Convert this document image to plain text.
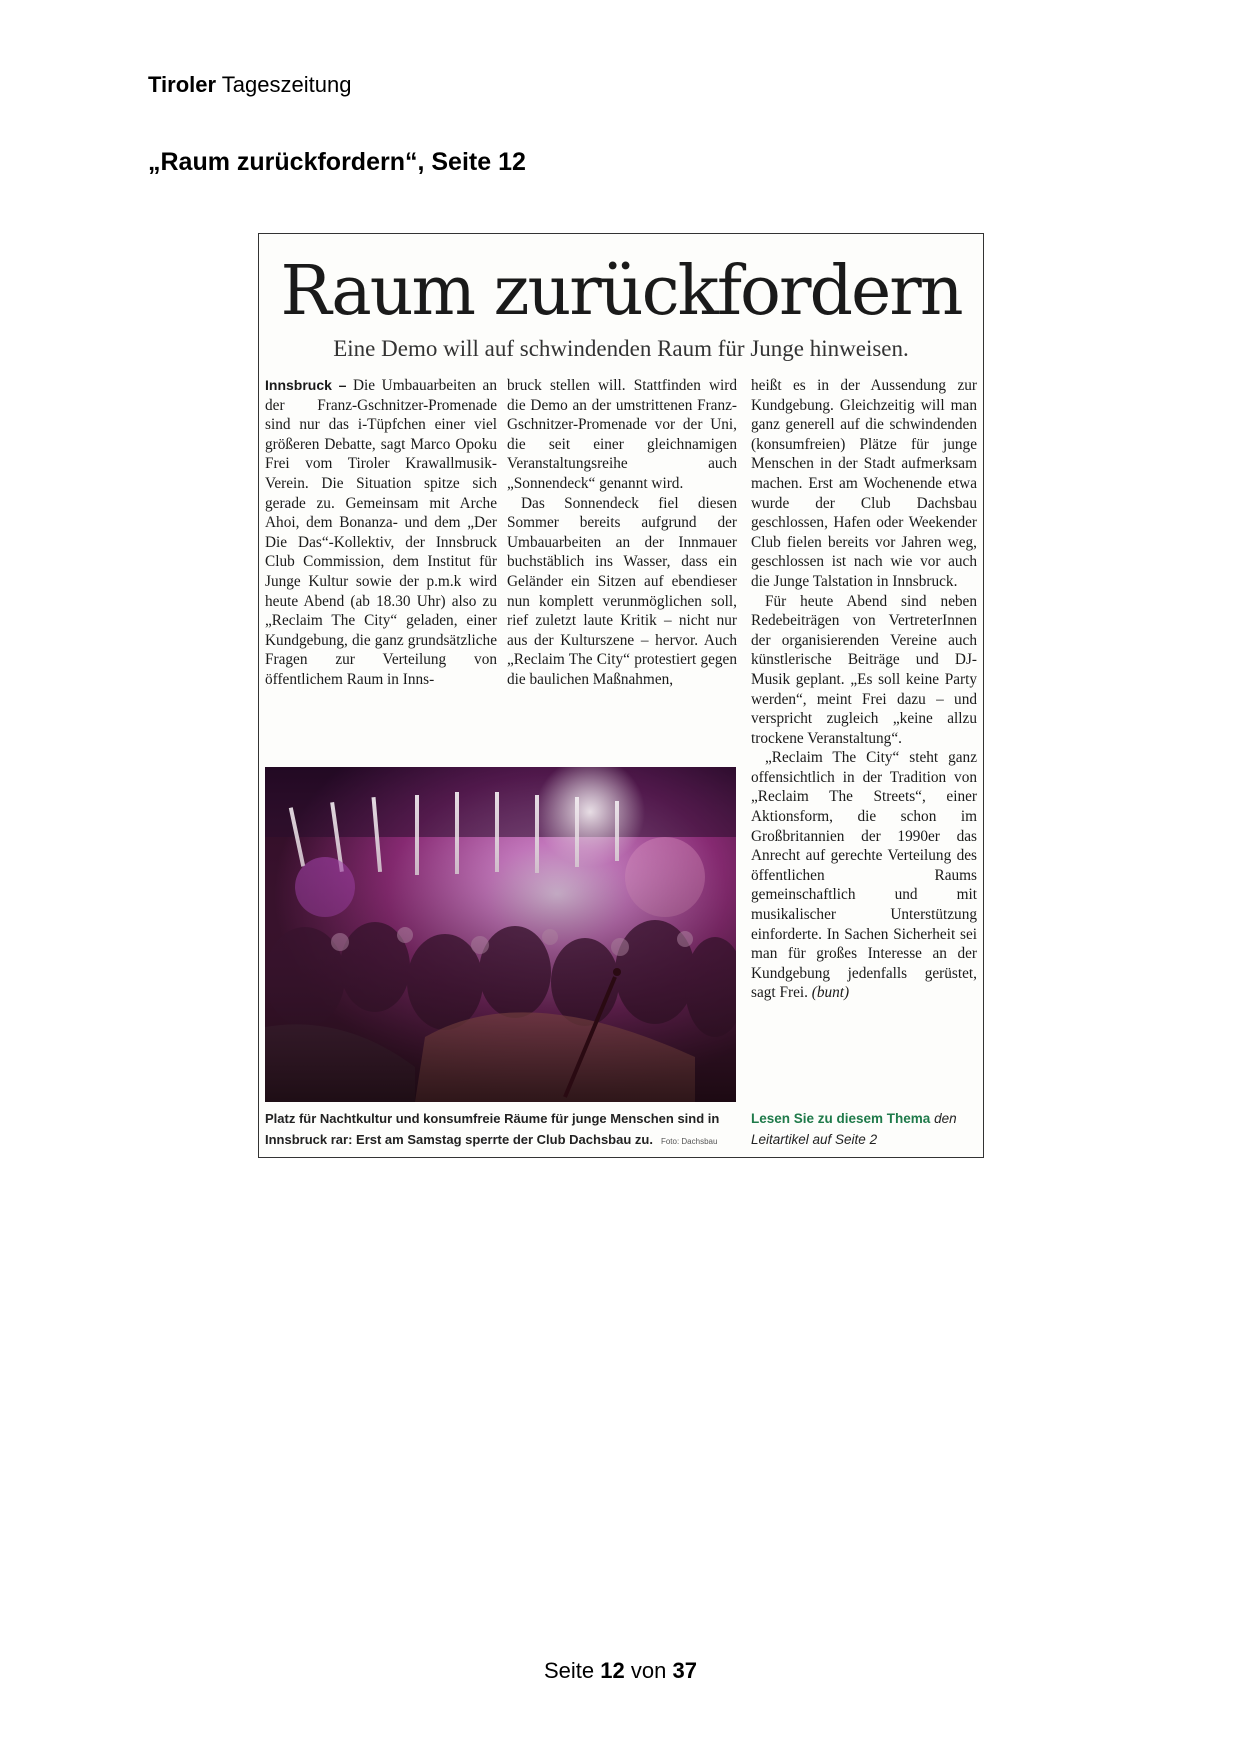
Tiroler Tageszeitung
„Raum zurückfordern“, Seite 12
Raum zurückfordern
Eine Demo will auf schwindenden Raum für Junge hinweisen.

Innsbruck – Die Umbauarbeiten an der Franz-Gschnitzer-Promenade sind nur das i-Tüpfchen einer viel größeren Debatte, sagt Marco Opoku Frei vom Tiroler Krawallmusik-Verein. Die Situation spitze sich gerade zu. Gemeinsam mit Arche Ahoi, dem Bonanza- und dem „Der Die Das“-Kollektiv, der Innsbruck Club Commission, dem Institut für Junge Kultur sowie der p.m.k wird heute Abend (ab 18.30 Uhr) also zu „Reclaim The City“ geladen, einer Kundgebung, die ganz grundsätzliche Fragen zur Verteilung von öffentlichem Raum in Inns-

bruck stellen will. Stattfinden wird die Demo an der umstrittenen Franz-Gschnitzer-Promenade vor der Uni, die seit einer gleichnamigen Veranstaltungsreihe auch „Sonnendeck“ genannt wird.

Das Sonnendeck fiel diesen Sommer bereits aufgrund der Umbauarbeiten an der Innmauer buchstäblich ins Wasser, dass ein Geländer ein Sitzen auf ebendieser nun komplett verunmöglichen soll, rief zuletzt laute Kritik – nicht nur aus der Kulturszene – hervor. Auch „Reclaim The City“ protestiert gegen die baulichen Maßnahmen,

heißt es in der Aussendung zur Kundgebung. Gleichzeitig will man ganz generell auf die schwindenden (konsumfreien) Plätze für junge Menschen in der Stadt aufmerksam machen. Erst am Wochenende etwa wurde der Club Dachsbau geschlossen, Hafen oder Weekender Club fielen bereits vor Jahren weg, geschlossen ist nach wie vor auch die Junge Talstation in Innsbruck.

Für heute Abend sind neben Redebeiträgen von VertreterInnen der organisierenden Vereine auch künstlerische Beiträge und DJ-Musik geplant. „Es soll keine Party werden“, meint Frei dazu – und verspricht zugleich „keine allzu trockene Veranstaltung“.

„Reclaim The City“ steht ganz offensichtlich in der Tradition von „Reclaim The Streets“, einer Aktionsform, die schon im Großbritannien der 1990er das Anrecht auf gerechte Verteilung des öffentlichen Raums gemeinschaftlich und mit musikalischer Unterstützung einforderte. In Sachen Sicherheit sei man für großes Interesse an der Kundgebung jedenfalls gerüstet, sagt Frei. (bunt)

Platz für Nachtkultur und konsumfreie Räume für junge Menschen sind in Innsbruck rar: Erst am Samstag sperrte der Club Dachsbau zu. Foto: Dachsbau
Lesen Sie zu diesem Thema den Leitartikel auf Seite 2
Seite 12 von 37
